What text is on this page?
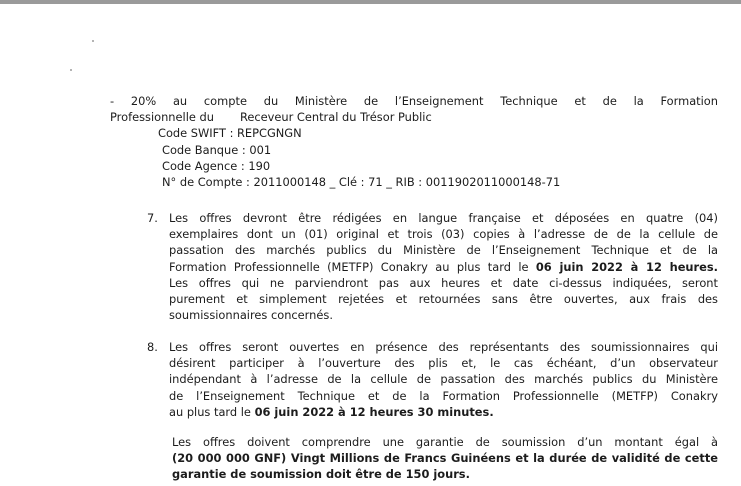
- 20% au compte du Ministère de l’Enseignement Technique et de la Formation
Professionnelle du Receveur Central du Trésor Public
Code SWIFT : REPCGNGN
Code Banque : 001
Code Agence : 190
N° de Compte : 2011000148 _ Clé : 71 _ RIB : 0011902011000148-71
7. Les offres devront être rédigées en langue française et déposées en quatre (04)
exemplaires dont un (01) original et trois (03) copies à l’adresse de de la cellule de
passation des marchés publics du Ministère de l’Enseignement Technique et de la
Formation Professionnelle (METFP) Conakry au plus tard le 06 juin 2022 à 12 heures.
Les offres qui ne parviendront pas aux heures et date ci-dessus indiquées, seront
purement et simplement rejetées et retournées sans être ouvertes, aux frais des
soumissionnaires concernés.
8. Les offres seront ouvertes en présence des représentants des soumissionnaires qui
désirent participer à l’ouverture des plis et, le cas échéant, d’un observateur
indépendant à l’adresse de la cellule de passation des marchés publics du Ministère
de l’Enseignement Technique et de la Formation Professionnelle (METFP) Conakry
au plus tard le 06 juin 2022 à 12 heures 30 minutes.
Les offres doivent comprendre une garantie de soumission d’un montant égal à
(20 000 000 GNF) Vingt Millions de Francs Guinéens et la durée de validité de cette
garantie de soumission doit être de 150 jours.
